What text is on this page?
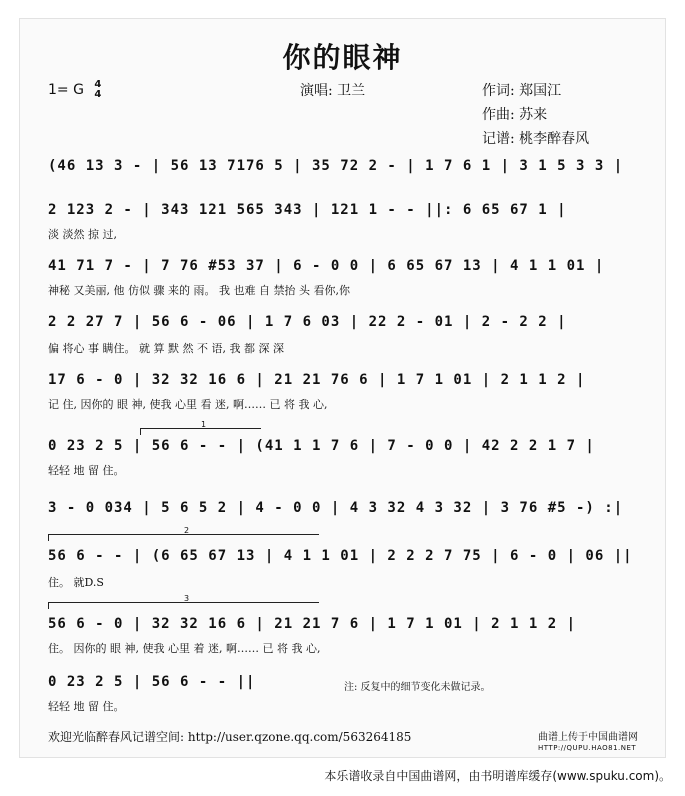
你的眼神
1= G 4
4	演唱: 卫兰	作词: 郑国江
作曲: 苏来
记谱: 桃李醉春风
(46 13 3 - | 56 13 7176 5 | 35 72 2 - | 1 7 6 1 | 3 1 5 3 3 |
2 123 2 - | 343 121 565 343 | 121 1 - - ||: 6 65 67 1 |
淡 淡然 掠 过,
41 71 7 - | 7 76 #53 37 | 6 - 0 0 | 6 65 67 13 | 4 1 1 01 |
神秘 又美丽, 他 仿似 骤 来的 雨。 我 也难 自 禁抬 头 看你,你
2 2 27 7 | 56 6 - 06 | 1 7 6 03 | 22 2 - 01 | 2 - 2 2 |
偏 将心 事 瞒住。 就 算 默 然 不 语, 我 都 深 深
17 6 - 0 | 32 32 16 6 | 21 21 76 6 | 1 7 1 01 | 2 1 1 2 |
记 住, 因你的 眼 神, 使我 心里 看 迷, 啊…… 已 将 我 心,
1
0 23 2 5 | 56 6 - - | (41 1 1 7 6 | 7 - 0 0 | 42 2 2 1 7 |
轻轻 地 留 住。
3 - 0 034 | 5 6 5 2 | 4 - 0 0 | 4 3 32 4 3 32 | 3 76 #5 -) :|
2
56 6 - - | (6 65 67 13 | 4 1 1 01 | 2 2 2 7 75 | 6 - 0 | 06 ||
住。 就D.S
3
56 6 - 0 | 32 32 16 6 | 21 21 7 6 | 1 7 1 01 | 2 1 1 2 |
住。 因你的 眼 神, 使我 心里 着 迷, 啊…… 已 将 我 心,
0 23 2 5 | 56 6 - - ||
轻轻 地 留 住。
注: 反复中的细节变化未做记录。
欢迎光临醉春风记谱空间: http://user.qzone.qq.com/563264185	曲谱上传于中国曲谱网
HTTP://QUPU.HAO81.NET
本乐谱收录自中国曲谱网，由书明谱库缓存(www.spuku.com)。
